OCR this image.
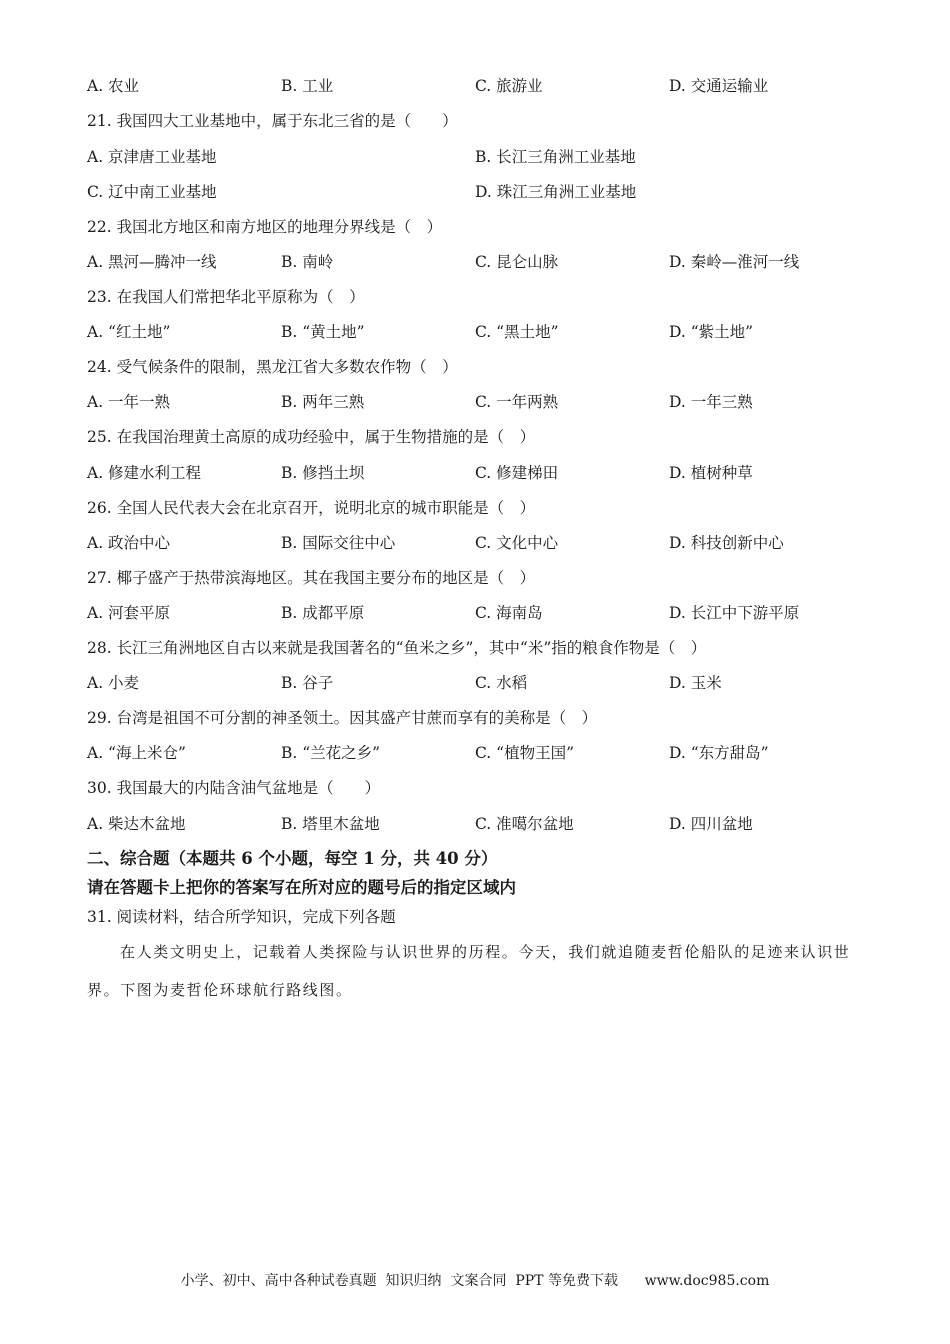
A. 农业	B. 工业	C. 旅游业	D. 交通运输业
21. 我国四大工业基地中，属于东北三省的是（　　）
A. 京津唐工业基地	B. 长江三角洲工业基地
C. 辽中南工业基地	D. 珠江三角洲工业基地
22. 我国北方地区和南方地区的地理分界线是（　）
A. 黑河—腾冲一线	B. 南岭	C. 昆仑山脉	D. 秦岭—淮河一线
23. 在我国人们常把华北平原称为（　）
A. “红土地”	B. “黄土地”	C. “黑土地”	D. “紫土地”
24. 受气候条件的限制，黑龙江省大多数农作物（　）
A. 一年一熟	B. 两年三熟	C. 一年两熟	D. 一年三熟
25. 在我国治理黄土高原的成功经验中，属于生物措施的是（　）
A. 修建水利工程	B. 修挡土坝	C. 修建梯田	D. 植树种草
26. 全国人民代表大会在北京召开，说明北京的城市职能是（　）
A. 政治中心	B. 国际交往中心	C. 文化中心	D. 科技创新中心
27. 椰子盛产于热带滨海地区。其在我国主要分布的地区是（　）
A. 河套平原	B. 成都平原	C. 海南岛	D. 长江中下游平原
28. 长江三角洲地区自古以来就是我国著名的“鱼米之乡”，其中“米”指的粮食作物是（　）
A. 小麦	B. 谷子	C. 水稻	D. 玉米
29. 台湾是祖国不可分割的神圣领土。因其盛产甘蔗而享有的美称是（　）
A. “海上米仓”	B. “兰花之乡”	C. “植物王国”	D. “东方甜岛”
30. 我国最大的内陆含油气盆地是（　　）
A. 柴达木盆地	B. 塔里木盆地	C. 准噶尔盆地	D. 四川盆地
二、综合题（本题共 6 个小题，每空 1 分，共 40 分）
请在答题卡上把你的答案写在所对应的题号后的指定区域内
31. 阅读材料，结合所学知识，完成下列各题
在人类文明史上，记载着人类探险与认识世界的历程。今天，我们就追随麦哲伦船队的足迹来认识世
界。下图为麦哲伦环球航行路线图。
小学、初中、高中各种试卷真题  知识归纳  文案合同  PPT 等免费下载      www.doc985.com
